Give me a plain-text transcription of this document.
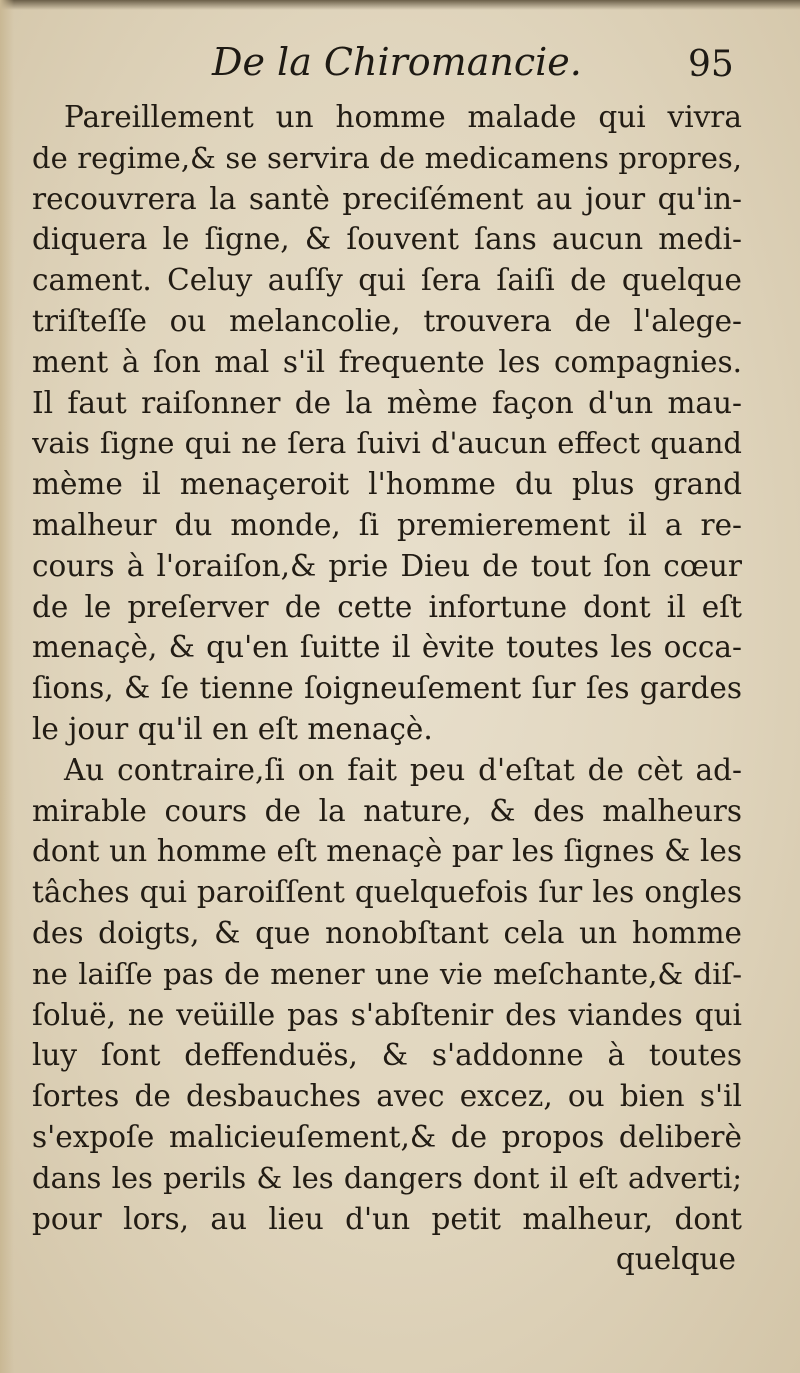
De la Chiromancie.	95
Pareillement un homme malade qui vivra
de regime,& se servira de medicamens propres,
recouvrera la santè preciſément au jour qu'in-
diquera le ſigne, & ſouvent ſans aucun medi-
cament. Celuy auſſy qui ſera ſaiſi de quelque
triſteſſe ou melancolie, trouvera de l'alege-
ment à ſon mal s'il frequente les compagnies.
Il faut raiſonner de la mème façon d'un mau-
vais ſigne qui ne ſera ſuivi d'aucun effect quand
mème il menaçeroit l'homme du plus grand
malheur du monde, ſi premierement il a re-
cours à l'oraiſon,& prie Dieu de tout ſon cœur
de le preſerver de cette infortune dont il eſt
menaçè, & qu'en ſuitte il èvite toutes les occa-
ſions, & ſe tienne ſoigneuſement ſur ſes gardes
le jour qu'il en eſt menaçè.
Au contraire,ſi on fait peu d'eſtat de cèt ad-
mirable cours de la nature, & des malheurs
dont un homme eſt menaçè par les ſignes & les
tâches qui paroiſſent quelquefois ſur les ongles
des doigts, & que nonobſtant cela un homme
ne laiſſe pas de mener une vie meſchante,& diſ-
ſoluë, ne veüille pas s'abſtenir des viandes qui
luy ſont deffenduës, & s'addonne à toutes
ſortes de desbauches avec excez, ou bien s'il
s'expoſe malicieuſement,& de propos deliberè
dans les perils & les dangers dont il eſt adverti;
pour lors, au lieu d'un petit malheur, dont
quelque
